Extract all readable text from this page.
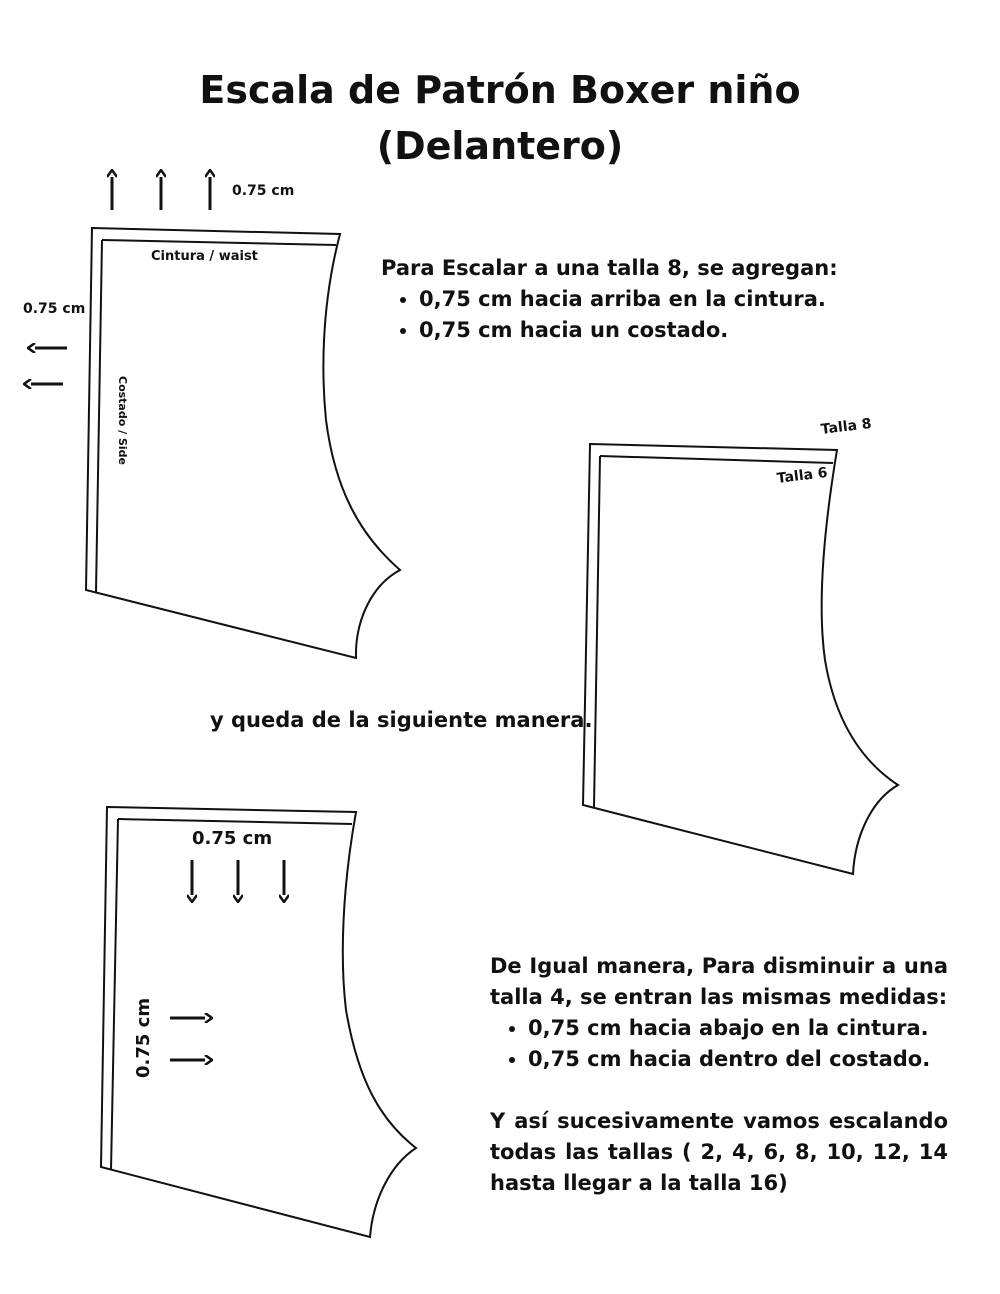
Escala de Patrón Boxer niño
(Delantero)
0.75 cm
0.75 cm
Cintura / waist
Costado / Side
Para Escalar a una talla 8, se agregan:
• 0,75 cm hacia arriba en la cintura.
• 0,75 cm hacia un costado.
Talla 8
Talla 6
y queda de la siguiente manera.
0.75 cm
0.75 cm
De Igual manera, Para disminuir a una talla 4, se entran las mismas medidas:
• 0,75 cm hacia abajo en la cintura.
• 0,75 cm hacia dentro del costado.
Y así sucesivamente vamos escalando todas las tallas ( 2, 4, 6, 8, 10, 12, 14 hasta llegar a la talla 16)
